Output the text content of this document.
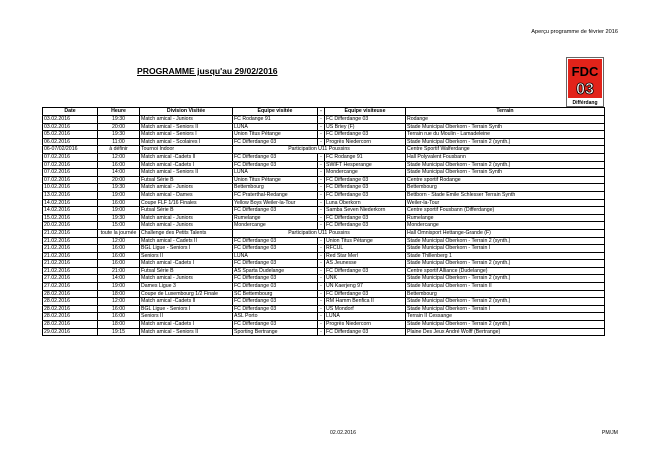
Aperçu programme de février 2016
PROGRAMME jusqu'au 29/02/2016	FDC
03
Différdang
Date	Heure	Division Visitée	Equipe visitée	-	Equipe visiteuse	Terrain
03.02.2016	19:30	Match amical - Juniors	FC Rodange 91	-	FC Differdange 03	Rodange
03.02.2016	20:00	Match amical - Seniors II	LUNA	-	US Briey (F)	Stade Municipal Oberkorn - Terrain Synth
05.02.2016	19:30	Match amical - Seniors I	Union Titus Pétange	-	FC Differdange 03	Terrain rue du Moulin - Lamadeleine
06.02.2016	11:00	Match amical - Scolaires I	FC Differdange 03	-	Progrès Niedercorn	Stade Municipal Oberkorn - Terrain 2 (synth.)
06-07/02/2016	à définir	Tournoi Indoor	Participation U11 Poussins			Centre Sportif Walferdange
07.02.2016	12:00	Match amical -Cadets II	FC Differdange 03	-	FC Rodange 91	Hall Polyvalent Fousbann
07.02.2016	16:00	Match amical -Cadets I	FC Differdange 03	-	SWIFT Hesperange	Stade Municipal Oberkorn - Terrain 2 (synth.)
07.02.2016	14:00	Match amical - Seniors II	LUNA	-	Mondercange	Stade Municipal Oberkorn - Terrain Synth
07.02.2016	20:00	Futsal Série B	Union Titus Pétange	-	FC Differdange 03	Centre sportif Rodange
10.02.2016	19:30	Match amical - Juniors	Bettembourg	-	FC Differdange 03	Bettembourg
13.02.2016	19:00	Match amical - Dames	FC Praterthal-Redange	-	FC Differdange 03	Bettborn - Stade Emile Schlesser Terrain Synth
14.02.2016	16:00	Coupe FLF 1/16 Finales	Yellow Boys Weiler-la-Tour	-	Luna Oberkorn	Weiler-la-Tour
14.02.2016	19:00	Futsal Série B	FC Differdange 03	-	Samba Seven Niederkorn	Centre sportif Fousbann (Differdange)
15.02.2016	19:30	Match amical - Juniors	Rumelange	-	FC Differdange 03	Rumelange
20.02.2016	15:00	Match amical - Juniors	Mondercange	-	FC Differdange 03	Mondercange
21.02.2016	toute la journée	Challenge des Petits Talents	Participation U11 Poussins			Hall Omnisport Hettange-Grande (F)
21.02.2016	12:00	Match amical - Cadets II	FC Differdange 03	-	Union Titus Pétange	Stade Municipal Oberkorn - Terrain 2 (synth.)
21.02.2016	16:00	BGL Ligue - Seniors I	FC Differdange 03	-	RFCUL	Stade Municipal Oberkorn - Terrain I
21.02.2016	16:00	Seniors II	LUNA	-	Red Star Merl	Stade Thillenberg 1
21.02.2016	16:00	Match amical -Cadets I	FC Differdange 03	-	AS Jeunesse	Stade Municipal Oberkorn - Terrain 2 (synth.)
21.02.2016	21:00	Futsal Série B	AS Sparta Dudelange	-	FC Differdange 03	Centre sportif Alliance (Dudelange)
27.02.2016	14:00	Match amical - Juniors	FC Differdange 03	-	UNK	Stade Municipal Oberkorn - Terrain 2 (synth.)
27.02.2016	19:00	Dames Ligue 3	FC Differdange 03	-	UN Kaerjeng 97	Stade Municipal Oberkorn - Terrain II
28.02.2016	18:00	Coupe de Luxembourg 1/2 Finale	SC Bettembourg	-	FC Differdange 03	Bettembourg
28.02.2016	12:00	Match amical -Cadets II	FC Differdange 03	-	RM Hamm Benfica II	Stade Municipal Oberkorn - Terrain 2 (synth.)
28.02.2016	16:00	BGL Ligue - Seniors I	FC Differdange 03	-	US Mondorf	Stade Municipal Oberkorn - Terrain I
28.02.2016	16:00	Seniors II	ASL Porto	-	LUNA	Terrain II Cessange
28.02.2016	18:00	Match amical -Cadets I	FC Differdange 03	-	Progrès Niedercorn	Stade Municipal Oberkorn - Terrain 2 (synth.)
29.02.2016	19:15	Match amical - Seniors II	Sporting Bertrange	-	FC Differdange 03	Plaine Des Jeux André Wolff (Bertrange)
02.02.2016	PM/JM
